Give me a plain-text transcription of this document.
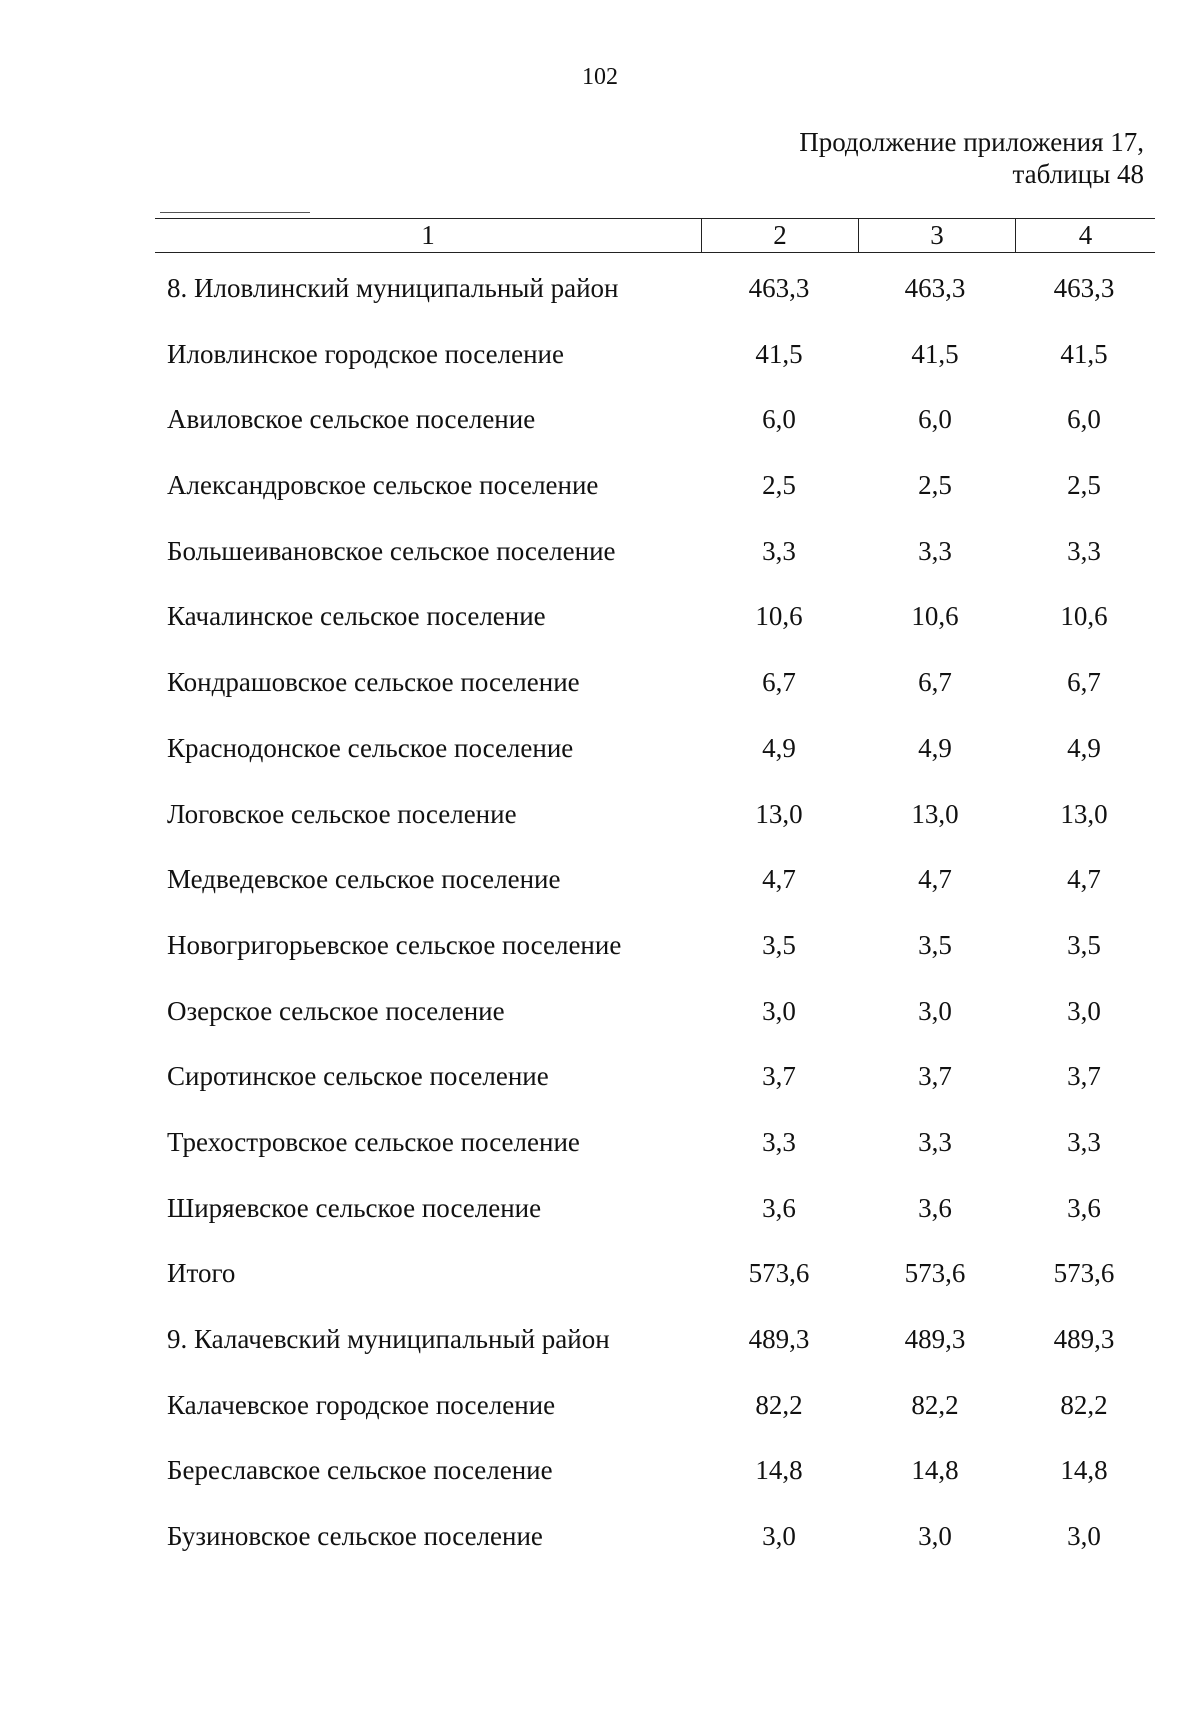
102
Продолжение приложения 17,
таблицы 48
1	2	3	4
8. Иловлинский муниципальный район	463,3	463,3	463,3
Иловлинское городское поселение	41,5	41,5	41,5
Авиловское сельское поселение	6,0	6,0	6,0
Александровское сельское поселение	2,5	2,5	2,5
Большеивановское сельское поселение	3,3	3,3	3,3
Качалинское сельское поселение	10,6	10,6	10,6
Кондрашовское сельское поселение	6,7	6,7	6,7
Краснодонское сельское поселение	4,9	4,9	4,9
Логовское сельское поселение	13,0	13,0	13,0
Медведевское сельское поселение	4,7	4,7	4,7
Новогригорьевское сельское поселение	3,5	3,5	3,5
Озерское сельское поселение	3,0	3,0	3,0
Сиротинское сельское поселение	3,7	3,7	3,7
Трехостровское сельское поселение	3,3	3,3	3,3
Ширяевское сельское поселение	3,6	3,6	3,6
Итого	573,6	573,6	573,6
9. Калачевский муниципальный район	489,3	489,3	489,3
Калачевское городское поселение	82,2	82,2	82,2
Береславское сельское поселение	14,8	14,8	14,8
Бузиновское сельское поселение	3,0	3,0	3,0
